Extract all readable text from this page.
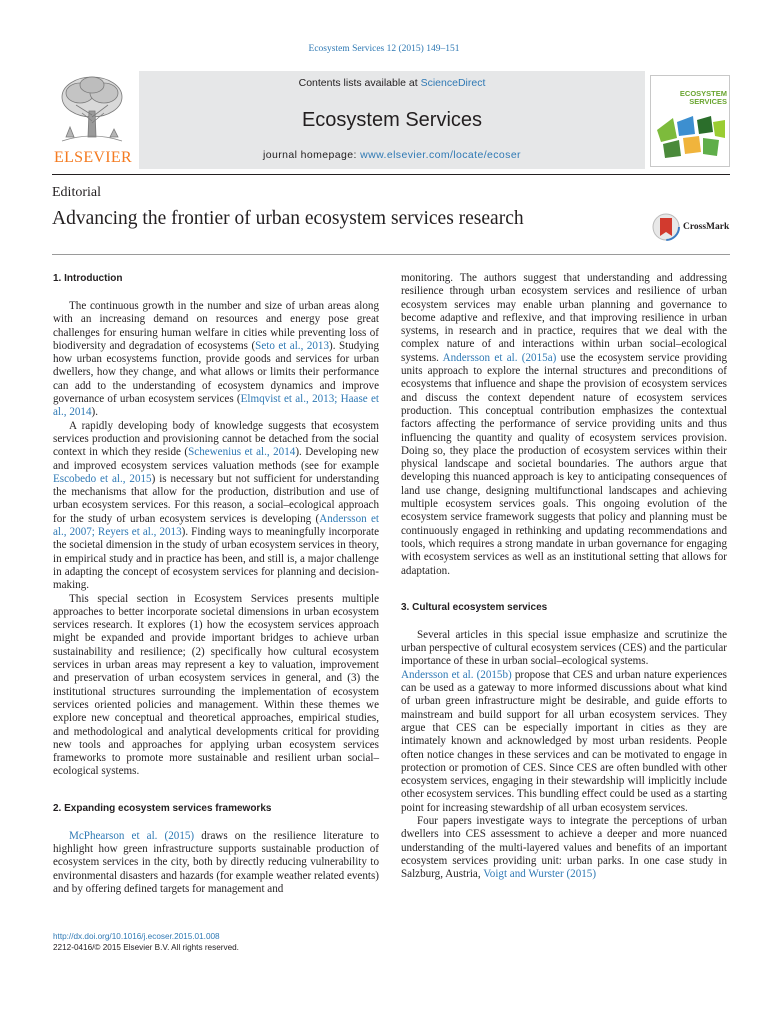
Ecosystem Services 12 (2015) 149–151
ELSEVIER
Contents lists available at ScienceDirect
Ecosystem Services
journal homepage: www.elsevier.com/locate/ecoser
ECOSYSTEM
SERVICES
Editorial
Advancing the frontier of urban ecosystem services research	CrossMark
1. Introduction

The continuous growth in the number and size of urban areas along with an increasing demand on resources and energy pose great challenges for ensuring human welfare in cities while preventing loss of biodiversity and degradation of ecosystems (Seto et al., 2013). Studying how urban ecosystems function, provide goods and services for urban dwellers, how they change, and what allows or limits their performance can add to the understanding of ecosystem dynamics and improve governance of urban ecosystem services (Elmqvist et al., 2013; Haase et al., 2014).

A rapidly developing body of knowledge suggests that ecosystem services production and provisioning cannot be detached from the social context in which they reside (Schewenius et al., 2014). Developing new and improved ecosystem services valuation methods (see for example Escobedo et al., 2015) is necessary but not sufficient for understanding the mechanisms that allow for the production, distribution and use of urban ecosystem services. For this reason, a social–ecological approach for the study of urban ecosystem services is developing (Andersson et al., 2007; Reyers et al., 2013). Finding ways to meaningfully incorporate the societal dimension in the study of urban ecosystem services in theory, in empirical study and in practice has been, and still is, a major challenge in adapting the concept of ecosystem services for planning and decision-making.

This special section in Ecosystem Services presents multiple approaches to better incorporate societal dimensions in urban ecosystem services research. It explores (1) how the ecosystem services approach might be expanded and provide important bridges to achieve urban sustainability and resilience; (2) specifically how cultural ecosystem services in urban areas may represent a key to valuation, improvement and preservation of urban ecosystem services in general, and (3) the institutional structures surrounding the implementation of ecosystem services oriented policies and management. Within these themes we explore new conceptual and theoretical approaches, empirical studies, and methodological and analytical developments critical for providing new tools and approaches for applying urban ecosystem services frameworks to promote more sustainable and resilient urban social–ecological systems.

2. Expanding ecosystem services frameworks

McPhearson et al. (2015) draws on the resilience literature to highlight how green infrastructure supports sustainable production of ecosystem services in the city, both by directly reducing vulnerability to environmental disasters and hazards (for example weather related events) and by offering defined targets for management and

monitoring. The authors suggest that understanding and addressing resilience through urban ecosystem services and resilience of urban ecosystem services may enable urban planning and governance to become adaptive and reflexive, and that improving resilience in urban systems, in research and in practice, requires that we deal with the complex nature of and interactions within urban social–ecological systems. Andersson et al. (2015a) use the ecosystem service providing units approach to explore the internal structures and preconditions of ecosystems that influence and shape the provision of ecosystem services and discuss the context dependent nature of ecosystem services production. This conceptual contribution emphasizes the contextual factors affecting the performance of service providing units and thus influencing the quantity and quality of ecosystem services provision. Doing so, they place the production of ecosystem services within their physical landscape and societal boundaries. The authors argue that developing this nuanced approach is key to anticipating consequences of land use change, designing multifunctional landscapes and achieving multiple ecosystem services goals. This ongoing evolution of the ecosystem service framework suggests that policy and planning must be continuously engaged in rethinking and updating recommendations and tools, which requires a strong mandate in urban governance for engaging with ecosystem services as well as an institutional setting that allows for adaptation.

3. Cultural ecosystem services

Several articles in this special issue emphasize and scrutinize the urban perspective of cultural ecosystem services (CES) and the particular importance of these in urban social–ecological systems.

Andersson et al. (2015b) propose that CES and urban nature experiences can be used as a gateway to more informed discussions about what kind of urban green infrastructure might be desirable, and guide efforts to mainstream and build support for all urban ecosystem services. They argue that CES can be especially important in cities as they are intimately known and acknowledged by most urban residents. People often notice changes in these services and can be motivated to engage in protection or promotion of CES. Since CES are often bundled with other ecosystem services, engaging in their stewardship will implicitly include other ecosystem services. This bundling effect could be used as a starting point for increasing stewardship of all urban ecosystem services.

Four papers investigate ways to integrate the perceptions of urban dwellers into CES assessment to achieve a deeper and more nuanced understanding of the multi-layered values and benefits of an important ecosystem services providing unit: urban parks. In one case study in Salzburg, Austria, Voigt and Wurster (2015)

http://dx.doi.org/10.1016/j.ecoser.2015.01.008
2212-0416/© 2015 Elsevier B.V. All rights reserved.
